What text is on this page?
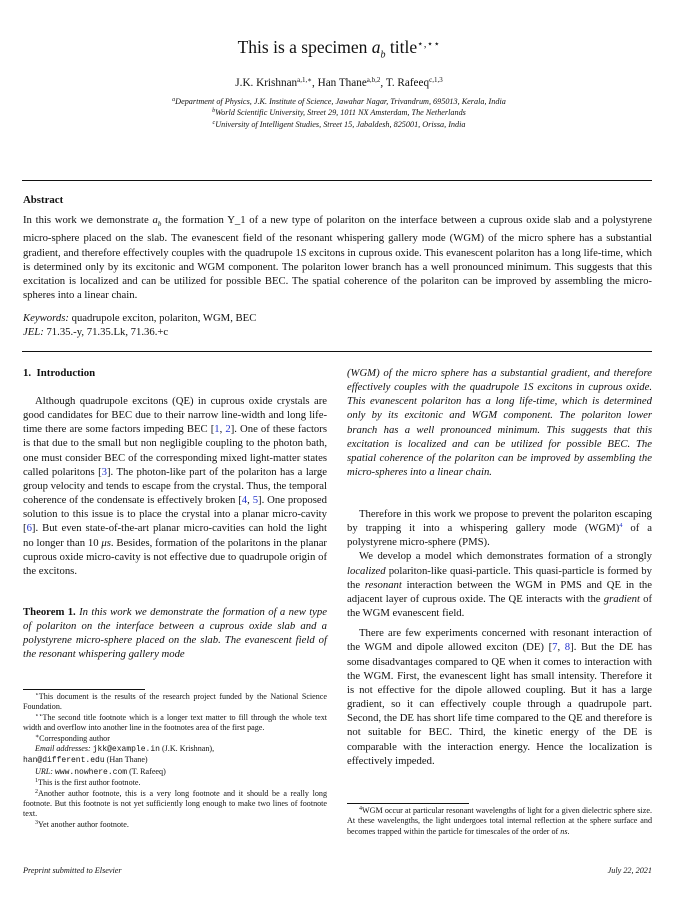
This is a specimen $a_b$ title⋆,⋆⋆
J.K. Krishnan$^{a,1,∗}$, Han Thane$^{a,b,2}$, T. Rafeeq$^{c,1,3}$
$^a$Department of Physics, J.K. Institute of Science, Jawahar Nagar, Trivandrum, 695013, Kerala, India
$^b$World Scientific University, Street 29, 1011 NX Amsterdam, The Netherlands
$^c$University of Intelligent Studies, Street 15, Jabaldesh, 825001, Orissa, India
Abstract
In this work we demonstrate $a_b$ the formation Y_1 of a new type of polariton on the interface between a cuprous oxide slab and a polystyrene micro-sphere placed on the slab. The evanescent field of the resonant whispering gallery mode (WGM) of the micro sphere has a substantial gradient, and therefore effectively couples with the quadrupole 1S excitons in cuprous oxide. This evanescent polariton has a long life-time, which is determined only by its excitonic and WGM component. The polariton lower branch has a well pronounced minimum. This suggests that this excitation is localized and can be utilized for possible BEC. The spatial coherence of the polariton can be improved by assembling the micro-spheres into a linear chain.
Keywords: quadrupole exciton, polariton, WGM, BEC
JEL: 71.35.-y, 71.35.Lk, 71.36.+c
1. Introduction

Although quadrupole excitons (QE) in cuprous oxide crystals are good candidates for BEC due to their narrow line-width and long life-time there are some factors impeding BEC [1, 2]. One of these factors is that due to the small but non negligible coupling to the photon bath, one must consider BEC of the corresponding mixed light-matter states called polaritons [3]. The photon-like part of the polariton has a large group velocity and tends to escape from the crystal. Thus, the temporal coherence of the condensate is effectively broken [4, 5]. One proposed solution to this issue is to place the crystal into a planar micro-cavity [6]. But even state-of-the-art planar micro-cavities can hold the light no longer than 10 μs. Besides, formation of the polaritons in the planar cuprous oxide micro-cavity is not effective due to quadrupole origin of the excitons.

Theorem 1. In this work we demonstrate the formation of a new type of polariton on the interface between a cuprous oxide slab and a polystyrene micro-sphere placed on the slab. The evanescent field of the resonant whispering gallery mode

⋆This document is the results of the research project funded by the National Science Foundation.

⋆⋆The second title footnote which is a longer text matter to fill through the whole text width and overflow into another line in the footnotes area of the first page.

∗Corresponding author

Email addresses: jkk@example.in (J.K. Krishnan),
han@different.edu (Han Thane)

URL: www.nowhere.com (T. Rafeeq)

$^1$This is the first author footnote.

$^2$Another author footnote, this is a very long footnote and it should be a really long footnote. But this footnote is not yet sufficiently long enough to make two lines of footnote text.

$^3$Yet another author footnote.

(WGM) of the micro sphere has a substantial gradient, and therefore effectively couples with the quadrupole 1S excitons in cuprous oxide. This evanescent polariton has a long life-time, which is determined only by its excitonic and WGM component. The polariton lower branch has a well pronounced minimum. This suggests that this excitation is localized and can be utilized for possible BEC. The spatial coherence of the polariton can be improved by assembling the micro-spheres into a linear chain.

Therefore in this work we propose to prevent the polariton escaping by trapping it into a whispering gallery mode (WGM)$^4$ of a polystyrene micro-sphere (PMS).

We develop a model which demonstrates formation of a strongly localized polariton-like quasi-particle. This quasi-particle is formed by the resonant interaction between the WGM in PMS and QE in the adjacent layer of cuprous oxide. The QE interacts with the gradient of the WGM evanescent field.

There are few experiments concerned with resonant interaction of the WGM and dipole allowed exciton (DE) [7, 8]. But the DE has some disadvantages compared to QE when it comes to interaction with the WGM. First, the evanescent light has small intensity. Therefore it is not effective for the dipole allowed coupling. But it has a large gradient, so it can effectively couple through a quadrupole part. Second, the DE has short life time compared to the QE and therefore is not suitable for BEC. Third, the kinetic energy of the DE is comparable with the interaction energy. Hence the localization is effectively impeded.

$^4$WGM occur at particular resonant wavelengths of light for a given dielectric sphere size. At these wavelengths, the light undergoes total internal reflection at the sphere surface and becomes trapped within the particle for timescales of the order of ns.

Preprint submitted to Elsevier	July 22, 2021
